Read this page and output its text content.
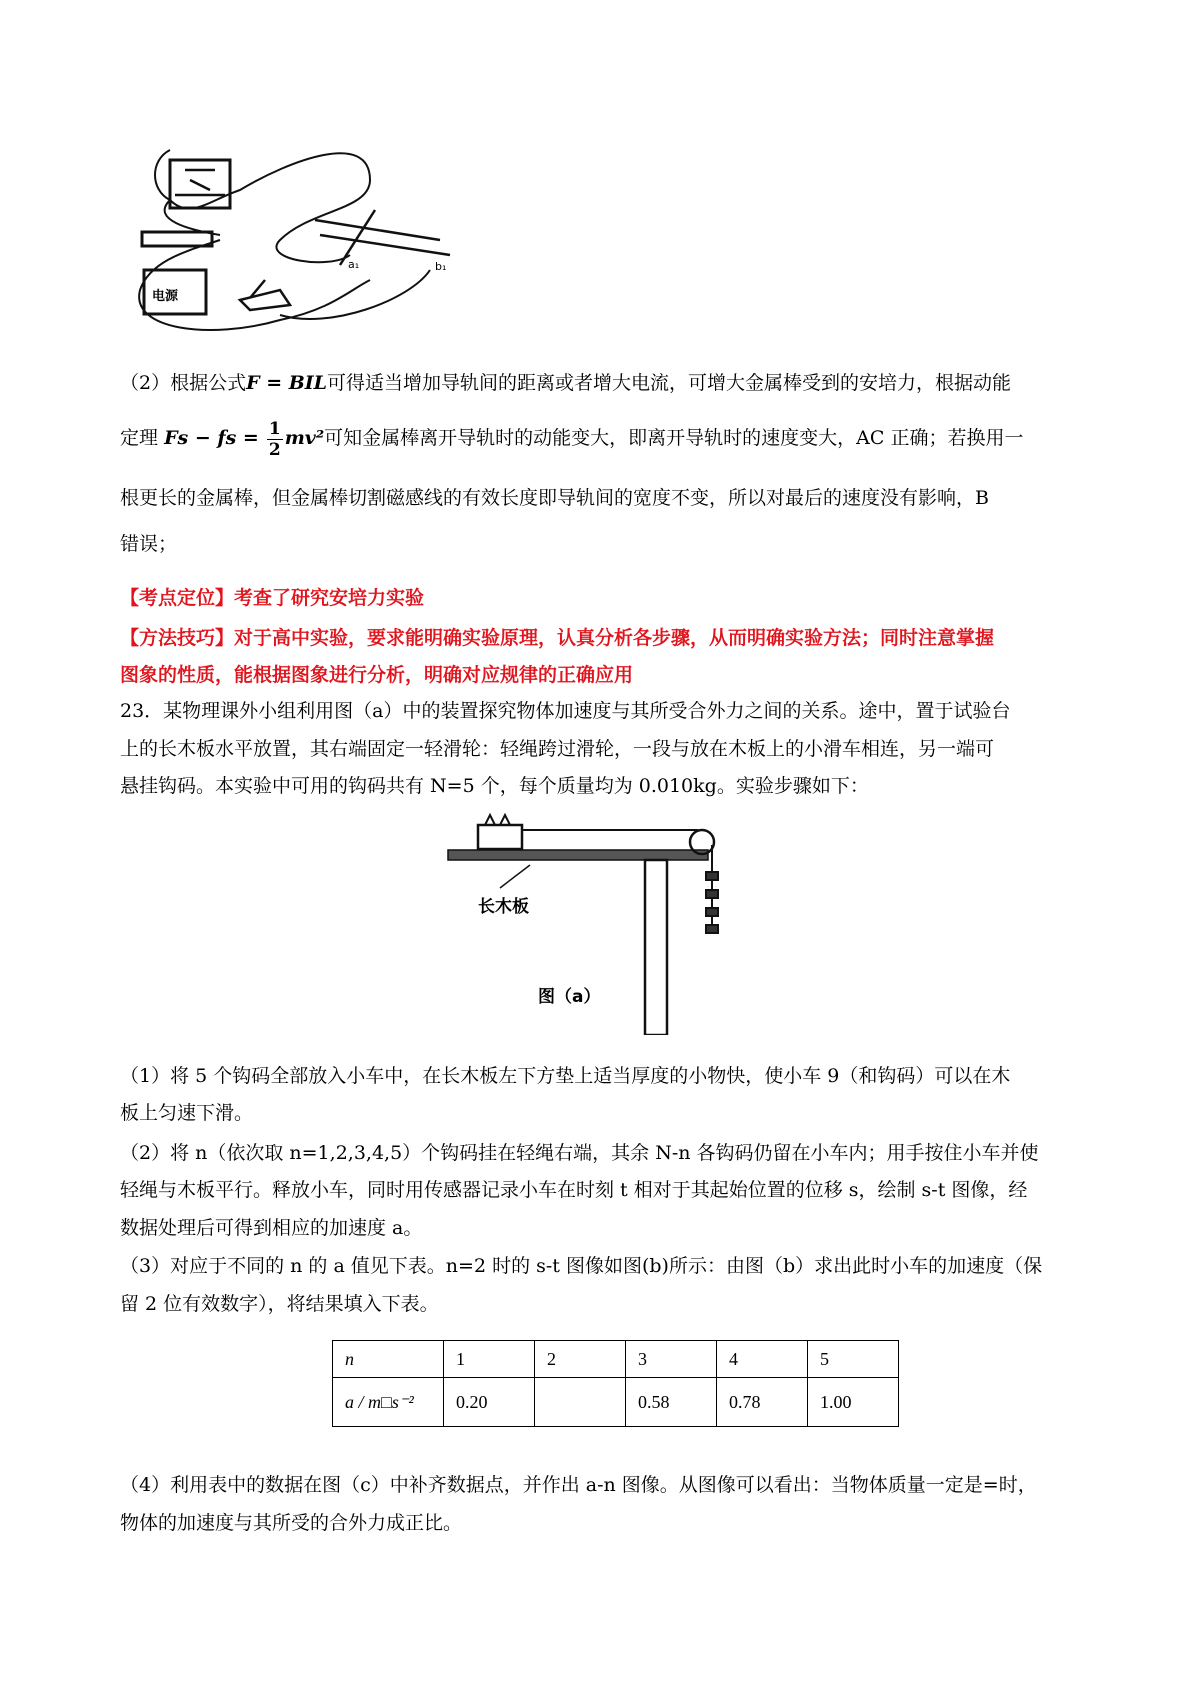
电源
a₁	b₁
（2）根据公式F = BIL可得适当增加导轨间的距离或者增大电流，可增大金属棒受到的安培力，根据动能
定理 Fs − fs = $\frac{1}{2} mv^2$可知金属棒离开导轨时的动能变大，即离开导轨时的速度变大，AC 正确；若换用一
根更长的金属棒，但金属棒切割磁感线的有效长度即导轨间的宽度不变，所以对最后的速度没有影响，B
错误；
【考点定位】考查了研究安培力实验
【方法技巧】对于高中实验，要求能明确实验原理，认真分析各步骤，从而明确实验方法；同时注意掌握
图象的性质，能根据图象进行分析，明确对应规律的正确应用
23．某物理课外小组利用图（a）中的装置探究物体加速度与其所受合外力之间的关系。途中，置于试验台
上的长木板水平放置，其右端固定一轻滑轮：轻绳跨过滑轮，一段与放在木板上的小滑车相连，另一端可
悬挂钩码。本实验中可用的钩码共有 N=5 个，每个质量均为 0.010kg。实验步骤如下：
长木板
图（a）
（1）将 5 个钩码全部放入小车中，在长木板左下方垫上适当厚度的小物快，使小车 9（和钩码）可以在木
板上匀速下滑。
（2）将 n（依次取 n=1,2,3,4,5）个钩码挂在轻绳右端，其余 N-n 各钩码仍留在小车内；用手按住小车并使
轻绳与木板平行。释放小车，同时用传感器记录小车在时刻 t 相对于其起始位置的位移 s，绘制 s-t 图像，经
数据处理后可得到相应的加速度 a。
（3）对应于不同的 n 的 a 值见下表。n=2 时的 s-t 图像如图(b)所示：由图（b）求出此时小车的加速度（保
留 2 位有效数字），将结果填入下表。
n	1	2	3	4	5
a / m□s⁻²	0.20		0.58	0.78	1.00
（4）利用表中的数据在图（c）中补齐数据点，并作出 a-n 图像。从图像可以看出：当物体质量一定是=时，
物体的加速度与其所受的合外力成正比。
